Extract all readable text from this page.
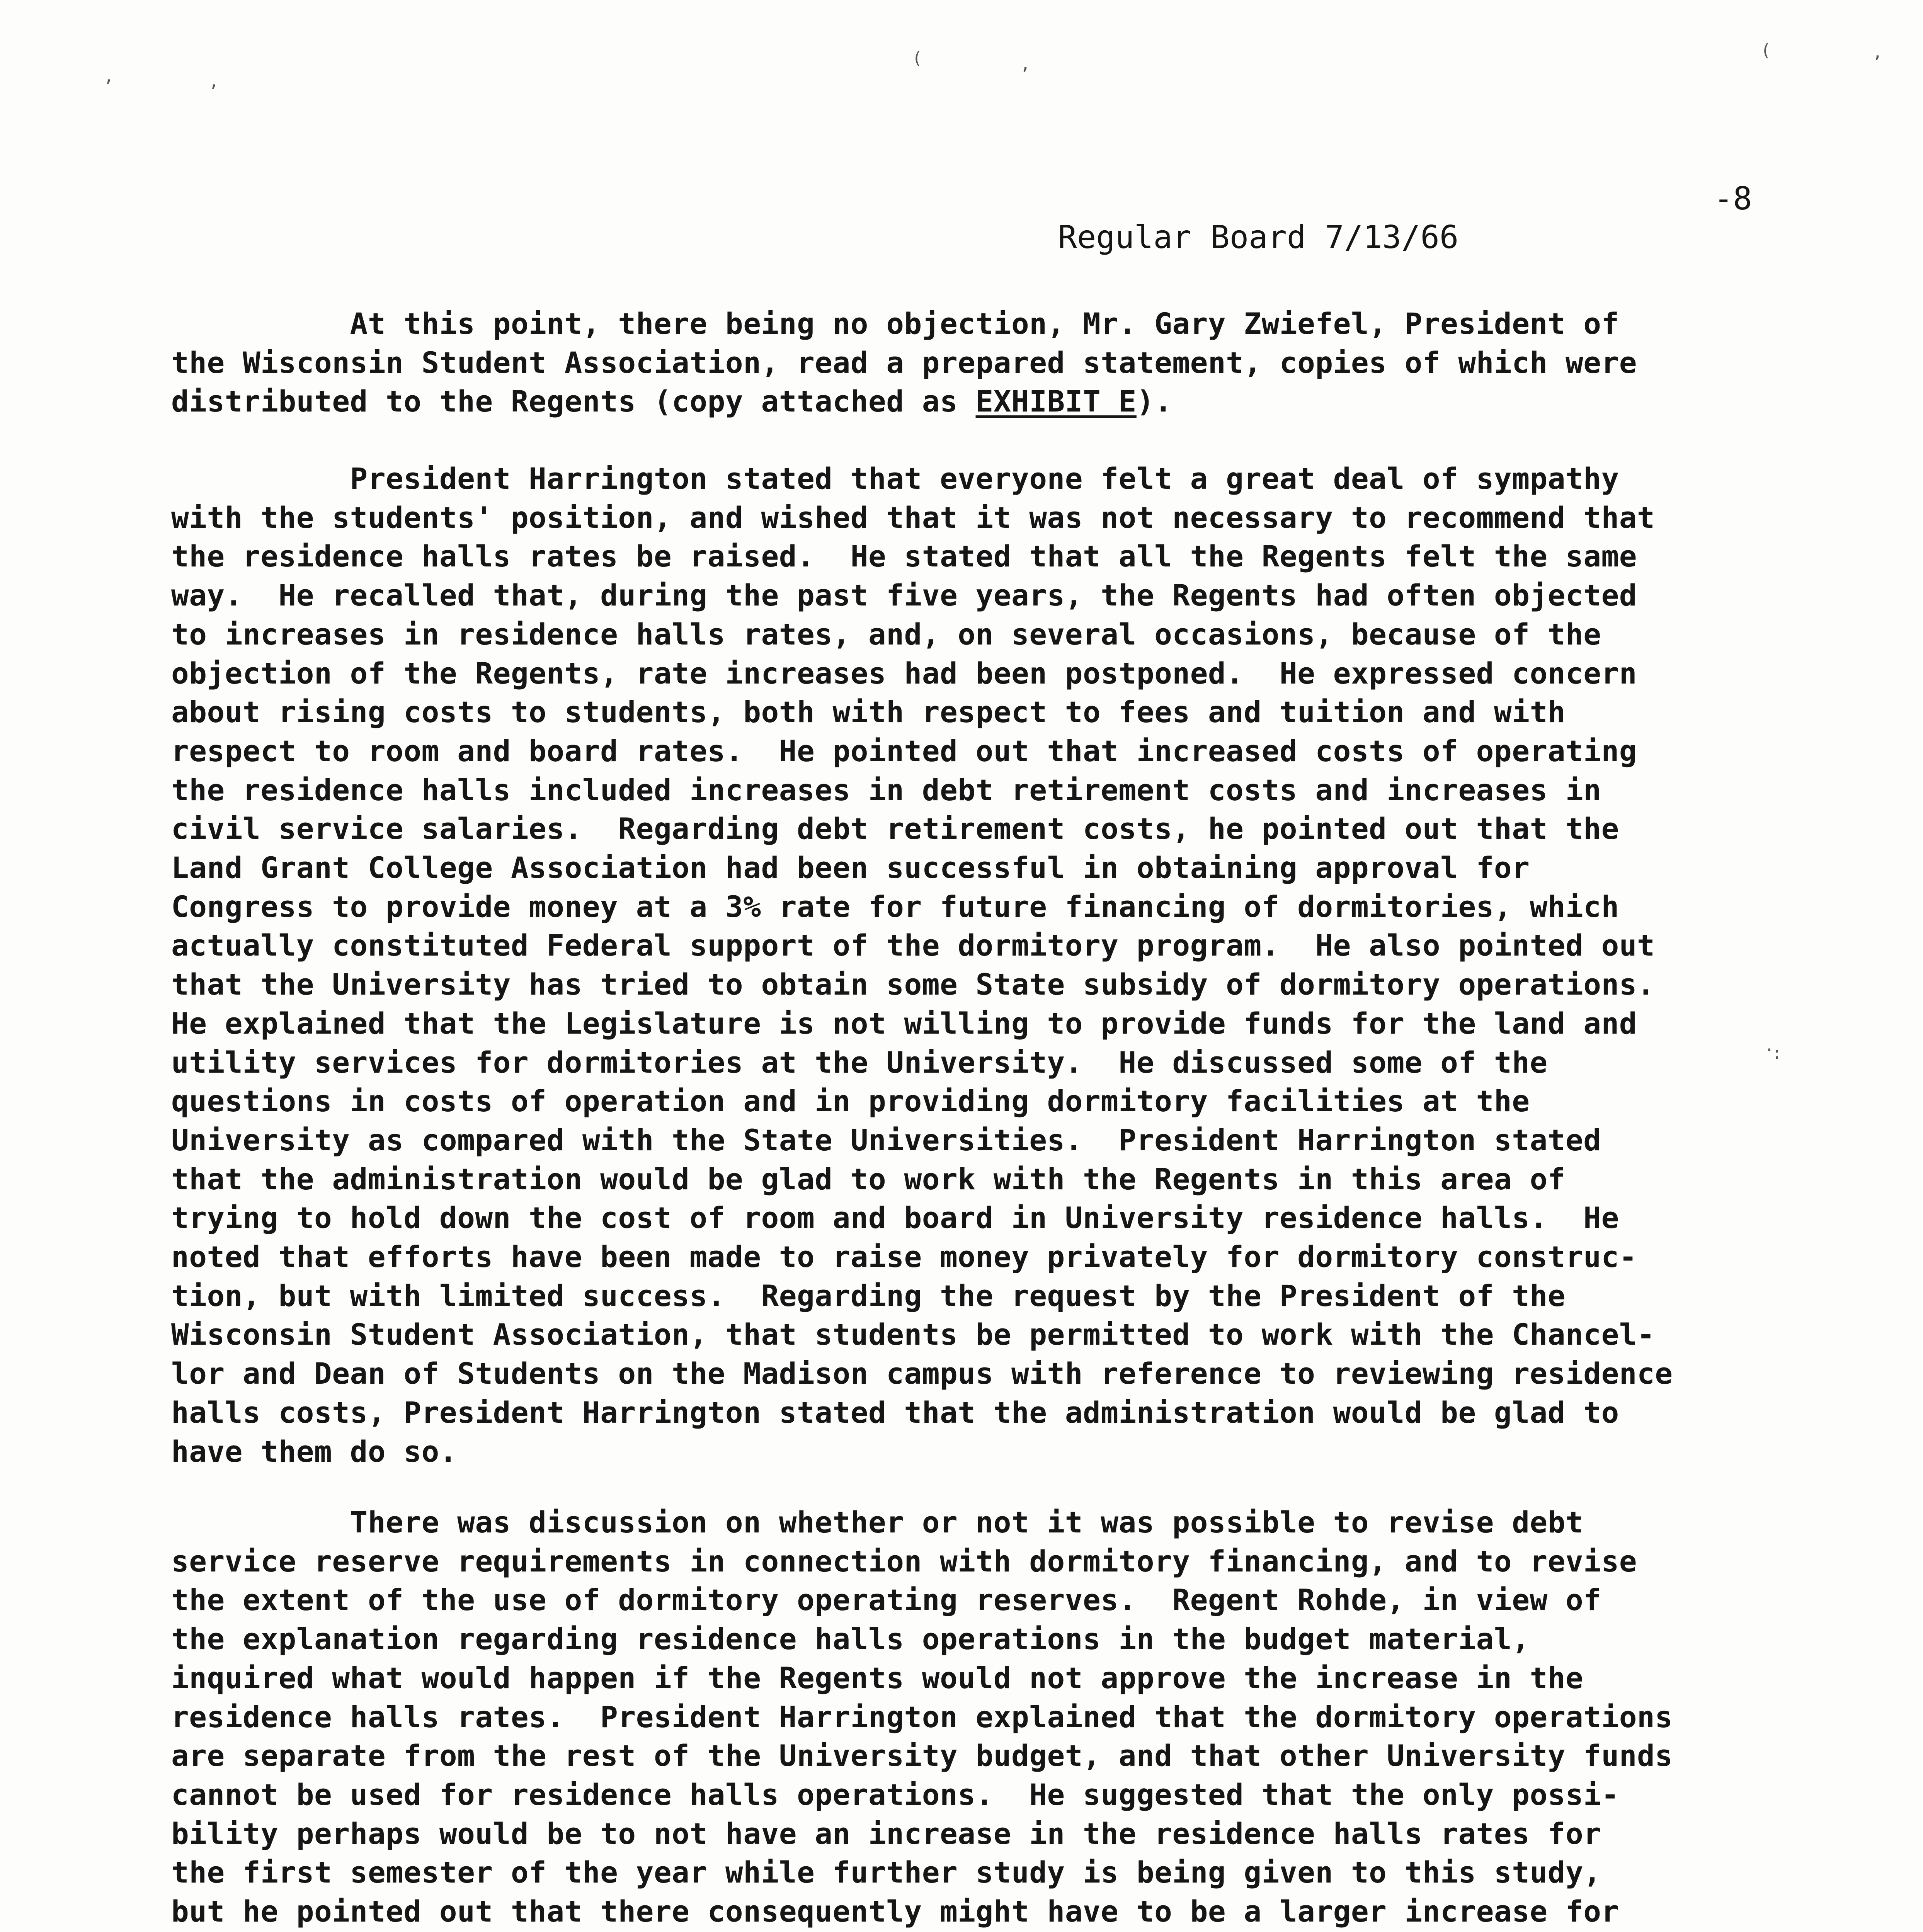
,	,
(	,
(	,
.
:

Regular Board 7/13/66

-8

At this point, there being no objection, Mr. Gary Zwiefel, President of
the Wisconsin Student Association, read a prepared statement, copies of which were
distributed to the Regents (copy attached as EXHIBIT E).
President Harrington stated that everyone felt a great deal of sympathy
with the students' position, and wished that it was not necessary to recommend that
the residence halls rates be raised.  He stated that all the Regents felt the same
way.  He recalled that, during the past five years, the Regents had often objected
to increases in residence halls rates, and, on several occasions, because of the
objection of the Regents, rate increases had been postponed.  He expressed concern
about rising costs to students, both with respect to fees and tuition and with
respect to room and board rates.  He pointed out that increased costs of operating
the residence halls included increases in debt retirement costs and increases in
civil service salaries.  Regarding debt retirement costs, he pointed out that the
Land Grant College Association had been successful in obtaining approval for
Congress to provide money at a 3% rate for future financing of dormitories, which
actually constituted Federal support of the dormitory program.  He also pointed out
that the University has tried to obtain some State subsidy of dormitory operations.
He explained that the Legislature is not willing to provide funds for the land and
utility services for dormitories at the University.  He discussed some of the
questions in costs of operation and in providing dormitory facilities at the
University as compared with the State Universities.  President Harrington stated
that the administration would be glad to work with the Regents in this area of
trying to hold down the cost of room and board in University residence halls.  He
noted that efforts have been made to raise money privately for dormitory construc-
tion, but with limited success.  Regarding the request by the President of the
Wisconsin Student Association, that students be permitted to work with the Chancel-
lor and Dean of Students on the Madison campus with reference to reviewing residence
halls costs, President Harrington stated that the administration would be glad to
have them do so.
There was discussion on whether or not it was possible to revise debt
service reserve requirements in connection with dormitory financing, and to revise
the extent of the use of dormitory operating reserves.  Regent Rohde, in view of
the explanation regarding residence halls operations in the budget material,
inquired what would happen if the Regents would not approve the increase in the
residence halls rates.  President Harrington explained that the dormitory operations
are separate from the rest of the University budget, and that other University funds
cannot be used for residence halls operations.  He suggested that the only possi-
bility perhaps would be to not have an increase in the residence halls rates for
the first semester of the year while further study is being given to this study,
but he pointed out that there consequently might have to be a larger increase for
